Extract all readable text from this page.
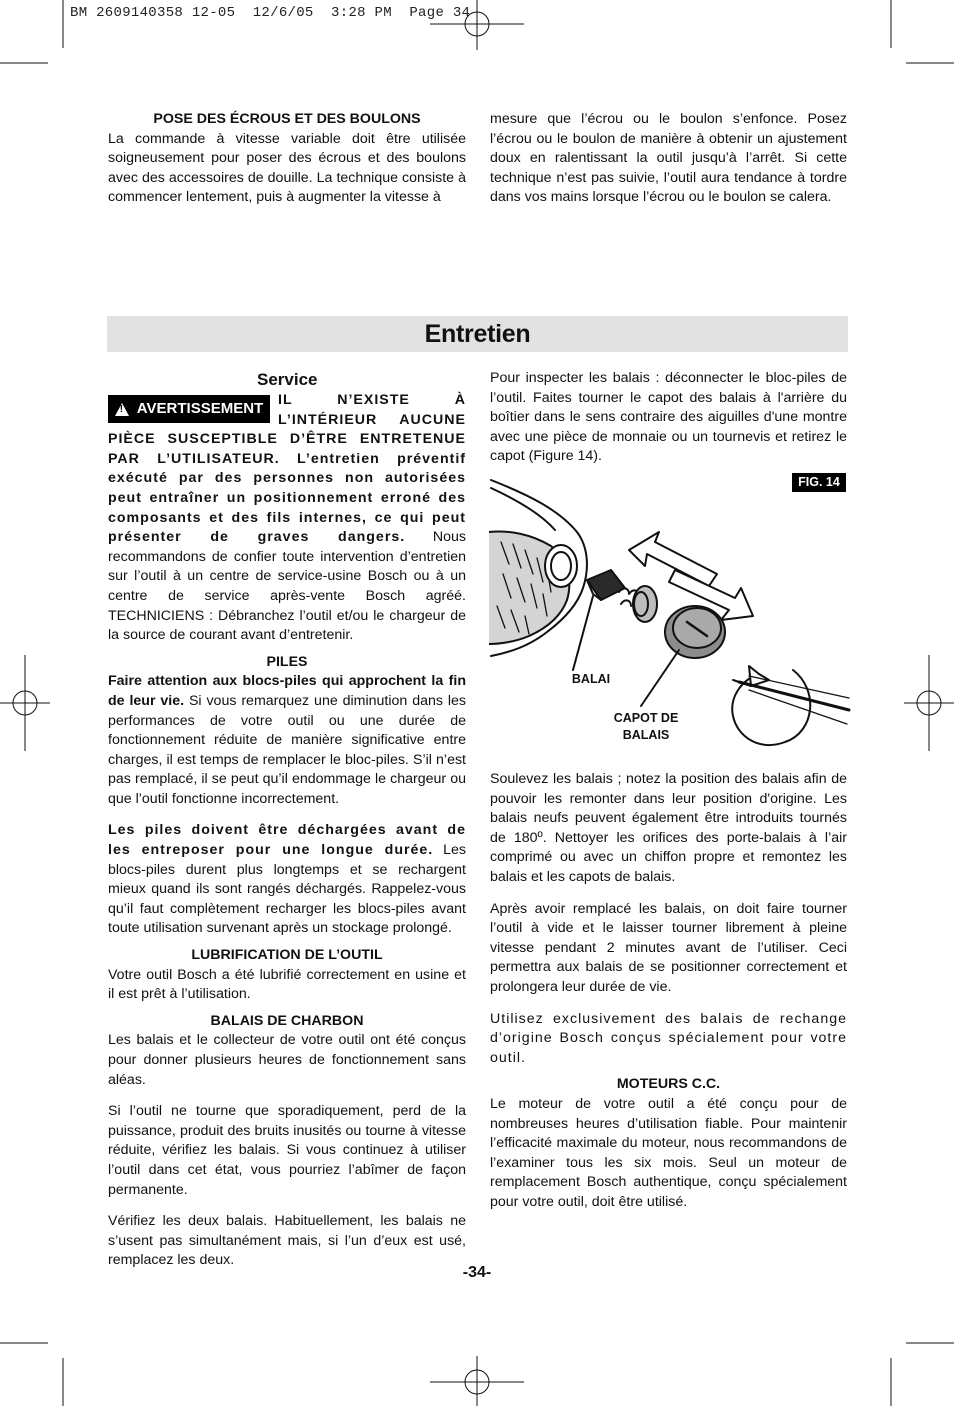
BM 2609140358 12-05  12/6/05  3:28 PM  Page 34
POSE DES ÉCROUS ET DES BOULONS

La commande à vitesse variable doit être utilisée soigneusement pour poser des écrous et des boulons avec des accessoires de douille. La technique consiste à commencer lentement, puis à augmenter la vitesse à

mesure que l’écrou ou le boulon s’enfonce. Posez l’écrou ou le boulon de manière à obtenir un ajustement doux en ralentissant la outil jusqu’à l’arrêt. Si cette technique n’est pas suivie, l’outil aura tendance à tordre dans vos mains lorsque l’écrou ou le boulon se calera.

Entretien
Service
!
AVERTISSEMENT	IL N’EXISTE À L’INTÉRIEUR AUCUNE PIÈCE SUSCEPTIBLE D’ÊTRE ENTRETENUE PAR L’UTILISATEUR. L’entretien préventif exécuté par des personnes non autorisées peut entraîner un positionnement erroné des composants et des fils internes, ce qui peut présenter de graves dangers. Nous recommandons de confier toute intervention d’entretien sur l’outil à un centre de service-usine Bosch ou à un centre de service après-vente Bosch agréé. TECHNICIENS : Débranchez l’outil et/ou le chargeur de la source de courant avant d’entretenir.

PILES

Faire attention aux blocs-piles qui approchent la fin de leur vie. Si vous remarquez une diminution dans les performances de votre outil ou une durée de fonctionnement réduite de manière significative entre charges, il est temps de remplacer le bloc-piles. S’il n’est pas remplacé, il se peut qu’il endommage le chargeur ou que l’outil fonctionne incorrectement.

Les piles doivent être déchargées avant de les entreposer pour une longue durée. Les blocs-piles durent plus longtemps et se rechargent mieux quand ils sont rangés déchargés. Rappelez-vous qu’il faut complètement recharger les blocs-piles avant toute utilisation survenant après un stockage prolongé.

LUBRIFICATION DE L’OUTIL

Votre outil Bosch a été lubrifié correctement en usine et il est prêt à l’utilisation.

BALAIS DE CHARBON

Les balais et le collecteur de votre outil ont été conçus pour donner plusieurs heures de fonctionnement sans aléas.

Si l’outil ne tourne que sporadiquement, perd de la puissance, produit des bruits inusités ou tourne à vitesse réduite, vérifiez les balais. Si vous continuez à utiliser l’outil dans cet état, vous pourriez l’abîmer de façon permanente.

Vérifiez les deux balais. Habituellement, les balais ne s’usent pas simultanément mais, si l’un d’eux est usé, remplacez les deux.

Pour inspecter les balais : déconnecter le bloc-piles de l’outil. Faites tourner le capot des balais à l'arrière du boîtier dans le sens contraire des aiguilles d'une montre avec une pièce de monnaie ou un tournevis et retirez le capot (Figure 14).

FIG. 14
BALAI
CAPOT DE
BALAIS

Soulevez les balais ; notez la position des balais afin de pouvoir les remonter dans leur position d'origine. Les balais neufs peuvent également être introduits tournés de 180º. Nettoyer les orifices des porte-balais à l’air comprimé ou avec un chiffon propre et remontez les balais et les capots de balais.

Après avoir remplacé les balais, on doit faire tourner l’outil à vide et le laisser tourner librement à pleine vitesse pendant 2 minutes avant de l’utiliser. Ceci permettra aux balais de se positionner correctement et prolongera leur durée de vie.

Utilisez exclusivement des balais de rechange d’origine Bosch conçus spécialement pour votre outil.

MOTEURS C.C.

Le moteur de votre outil a été conçu pour de nombreuses heures d’utilisation fiable. Pour maintenir l’efficacité maximale du moteur, nous recommandons de l’examiner tous les six mois. Seul un moteur de remplacement Bosch authentique, conçu spécialement pour votre outil, doit être utilisé.

-34-
